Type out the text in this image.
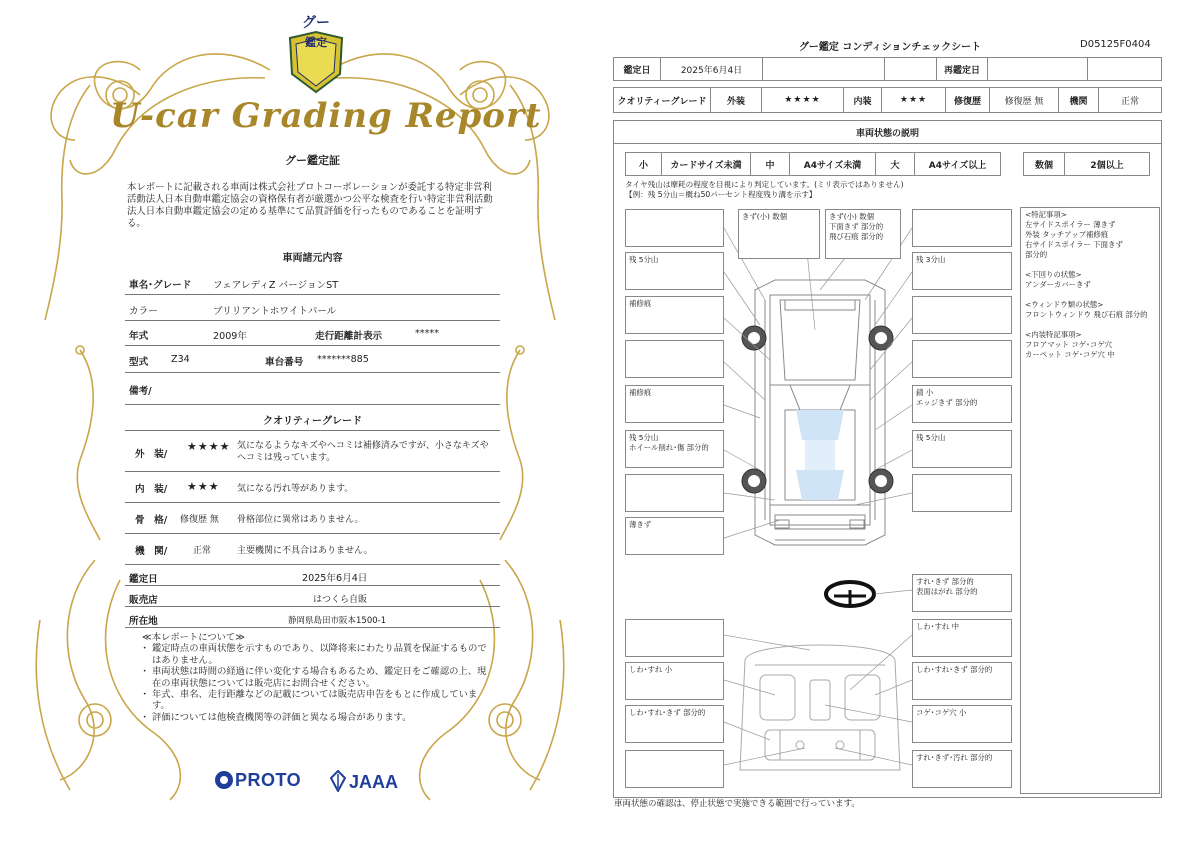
グー
鑑定
U-car Grading Report
グー鑑定証
本レポートに記載される車両は株式会社プロトコーポレーションが委託する特定非営利活動法人日本自動車鑑定協会の資格保有者が厳選かつ公平な検査を行い特定非営利活動法人日本自動車鑑定協会の定める基準にて品質評価を行ったものであることを証明する。
車両諸元内容
車名･グレード フェアレディZ バージョンST
カラー	ブリリアントホワイトパール
年式	2009年	走行距離計表示	*****
型式 Z34	車台番号 *******885
備考/
クオリティーグレード
外　装/
★★★★ 気になるようなキズやヘコミは補修済みですが、小さなキズやヘコミは残っています。
内　装/ ★★★ 気になる汚れ等があります。
骨　格/ 修復歴 無 骨格部位に異常はありません。
機　関/	正常	主要機関に不具合はありません。
鑑定日	2025年6月4日
販売店	はつくら自販
所在地	静岡県島田市阪本1500-1
≪本レポートについて≫
・ 鑑定時点の車両状態を示すものであり、以降将来にわたり品質を保証するものではありません。
・ 車両状態は時間の経過に伴い変化する場合もあるため、鑑定日をご確認の上、現在の車両状態については販売店にお問合せください。
・ 年式、車名、走行距離などの記載については販売店申告をもとに作成しています。
・ 評価については他検査機関等の評価と異なる場合があります。
PROTO	JAAA
グー鑑定 コンディションチェックシート	D05125F0404
鑑定日	2025年6月4日	再鑑定日
クオリティーグレード	外装	★★★★	内装	★★★	修復歴	修復歴 無	機関	正常
車両状態の説明
小	カードサイズ未満	中	A4サイズ未満	大	A4サイズ以上	数個	2個以上
タイヤ残山は摩耗の程度を目視により判定しています。(ミリ表示ではありません)
【例：残 5分山＝概ね50パーセント程度残り溝を示す】
残 5分山
補修痕
補修痕
残 5分山
ホイール削れ･傷 部分的
薄きず
きず(小) 数個	きず(小) 数個
下面きず 部分的
飛び石痕 部分的
残 3分山
錆 小
エッジきず 部分的
残 5分山
すれ･きず 部分的
表面はがれ 部分的
しわ･すれ 小
しわ･すれ･きず 部分的
しわ･すれ 中
しわ･すれ･きず 部分的
コゲ･コゲ穴 小
すれ･きず･汚れ 部分的
<特記事項>
左サイドスポイラー 薄きず
外装 タッチアップ補修痕
右サイドスポイラー 下面きず
部分的
<下回りの状態>
アンダーカバーきず
<ウィンドウ類の状態>
フロントウィンドウ 飛び石痕 部分的
<内装特記事項>
フロアマット コゲ･コゲ穴
カーペット コゲ･コゲ穴 中
車両状態の確認は、停止状態で実施できる範囲で行っています。
